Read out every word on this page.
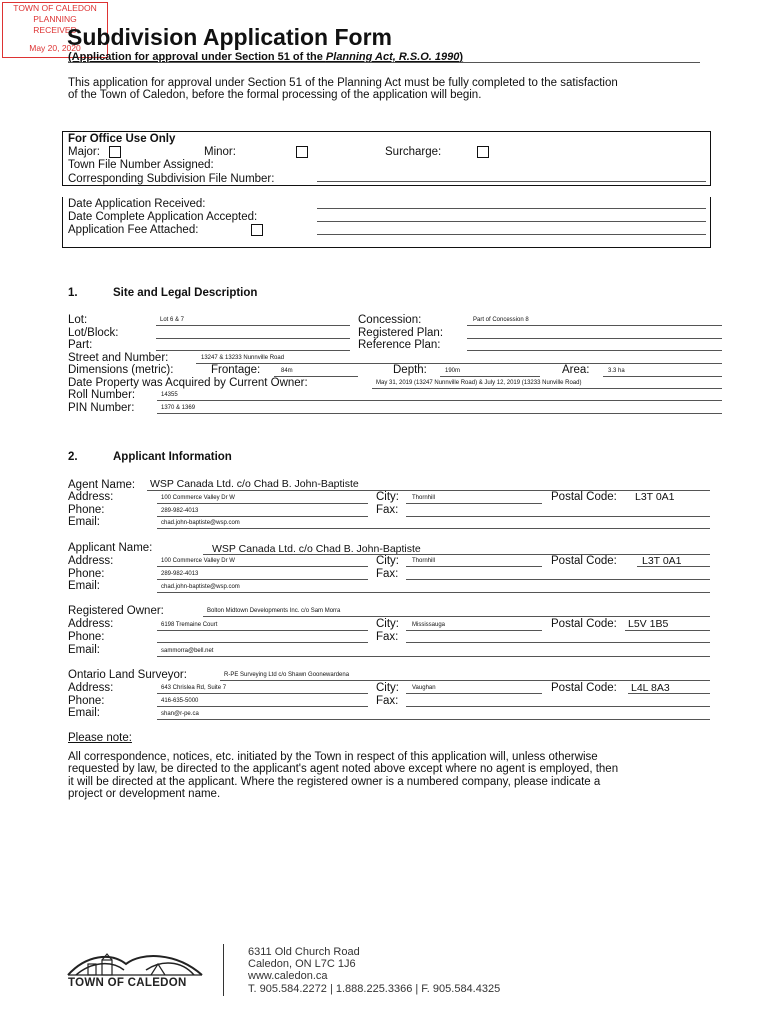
TOWN OF CALEDON
PLANNING
RECEIVED
May 20, 2020
Subdivision Application Form
(Application for approval under Section 51 of the Planning Act, R.S.O. 1990)
This application for approval under Section 51 of the Planning Act must be fully completed to the satisfaction
of the Town of Caledon, before the formal processing of the application will begin.
For Office Use Only
Major:	Minor:	Surcharge:
Town File Number Assigned:
Corresponding Subdivision File Number:
Date Application Received:
Date Complete Application Accepted:
Application Fee Attached:
1.	Site and Legal Description
Lot:	Lot 6 & 7
Lot/Block:
Part:
Concession:	Part of Concession 8
Registered Plan:
Reference Plan:
Street and Number:	13247 & 13233 Nunnville Road
Dimensions (metric):	Frontage:	84m	Depth:	190m	Area:	3.3 ha
Date Property was Acquired by Current Owner:	May 31, 2019 (13247 Nunnville Road) & July 12, 2019 (13233 Nunville Road)
Roll Number:	14355
PIN Number:	1370 & 1369
2.	Applicant Information
Agent Name: WSP Canada Ltd. c/o Chad B. John-Baptiste
Address:	100 Commerce Valley Dr W	City: Thornhill	Postal Code: L3T 0A1
Phone:	289-982-4013	Fax:
Email:	chad.john-baptiste@wsp.com
Applicant Name:	WSP Canada Ltd. c/o Chad B. John-Baptiste
Address:	100 Commerce Valley Dr W	City: Thornhill	Postal Code: L3T 0A1
Phone:	289-982-4013	Fax:
Email:	chad.john-baptiste@wsp.com
Registered Owner:	Bolton Midtown Developments Inc. c/o Sam Morra
Address:	6198 Tremaine Court	City: Mississauga	Postal Code: L5V 1B5
Phone:	Fax:
Email:	sammorra@bell.net
Ontario Land Surveyor:	R-PE Surveying Ltd c/o Shawn Goonewardena
Address:	643 Chrislea Rd, Suite 7	City: Vaughan	Postal Code: L4L 8A3
Phone:	416-635-5000	Fax:
Email:	shan@r-pe.ca
Please note:
All correspondence, notices, etc. initiated by the Town in respect of this application will, unless otherwise
requested by law, be directed to the applicant's agent noted above except where no agent is employed, then
it will be directed at the applicant. Where the registered owner is a numbered company, please indicate a
project or development name.
TOWN OF CALEDON
6311 Old Church Road
Caledon, ON L7C 1J6
www.caledon.ca
T. 905.584.2272 | 1.888.225.3366 | F. 905.584.4325
